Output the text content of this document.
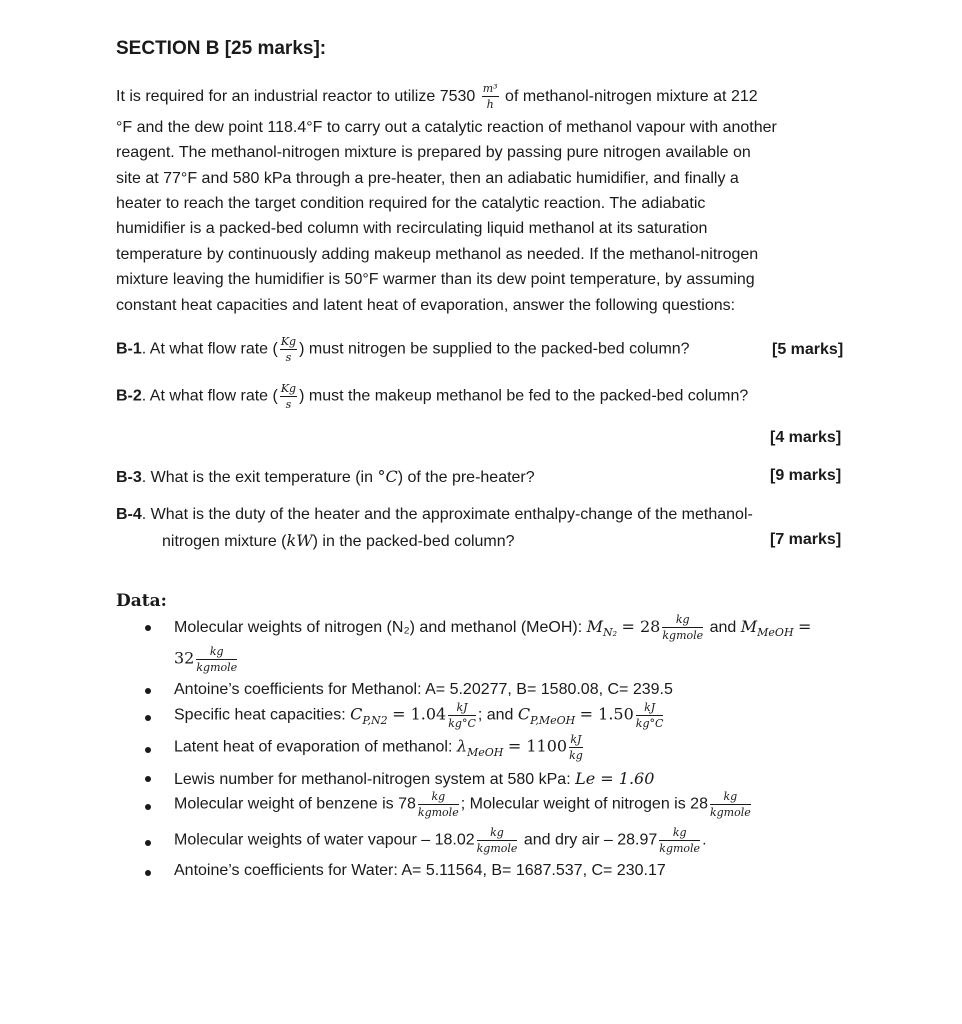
SECTION B [25 marks]:
It is required for an industrial reactor to utilize $7530 \frac{\text{m³}}{h}$ of methanol-nitrogen mixture at 212
°F and the dew point 118.4°F to carry out a catalytic reaction of methanol vapour with another
reagent. The methanol-nitrogen mixture is prepared by passing pure nitrogen available on
site at 77°F and 580 kPa through a pre-heater, then an adiabatic humidifier, and finally a
heater to reach the target condition required for the catalytic reaction. The adiabatic
humidifier is a packed-bed column with recirculating liquid methanol at its saturation
temperature by continuously adding makeup methanol as needed. If the methanol-nitrogen
mixture leaving the humidifier is 50°F warmer than its dew point temperature, by assuming
constant heat capacities and latent heat of evaporation, answer the following questions:
B-1. At what flow rate ( $\frac{Kg}{s}$ ) must nitrogen be supplied to the packed-bed column?	[5 marks]
B-2. At what flow rate ( $\frac{Kg}{s}$ ) must the makeup methanol be fed to the packed-bed column?
[4 marks]
B-3. What is the exit temperature (in °C) of the pre-heater?	[9 marks]
B-4. What is the duty of the heater and the approximate enthalpy-change of the methanol-
nitrogen mixture (kW) in the packed-bed column?	[7 marks]
Data:
Molecular weights of nitrogen (N₂) and methanol (MeOH): $M_{N_2} = 28$	kg
kgmole and $M_{MeOH}$ =
32	kg
kgmole
Antoine’s coefficients for Methanol: A= 5.20277, B= 1580.08, C= 239.5
Specific heat capacities: $C_{P,N2} = 1.04 \frac{kJ}{kg^\circ C}$ ; and $C_{P,MeOH} = 1.50 \frac{kJ}{kg^\circ C}$
Latent heat of evaporation of methanol: $\lambda_{MeOH} = 1100 \frac{kJ}{kg}$
Lewis number for methanol-nitrogen system at 580 kPa: Le = 1.60
Molecular weight of benzene is 78	kg
kgmole ; Molecular weight of nitrogen is 28	kg
kgmole
Molecular weights of water vapour – 18.02	kg
kgmole and dry air – 28.97	kg
kgmole .
Antoine’s coefficients for Water: A= 5.11564, B= 1687.537, C= 230.17
